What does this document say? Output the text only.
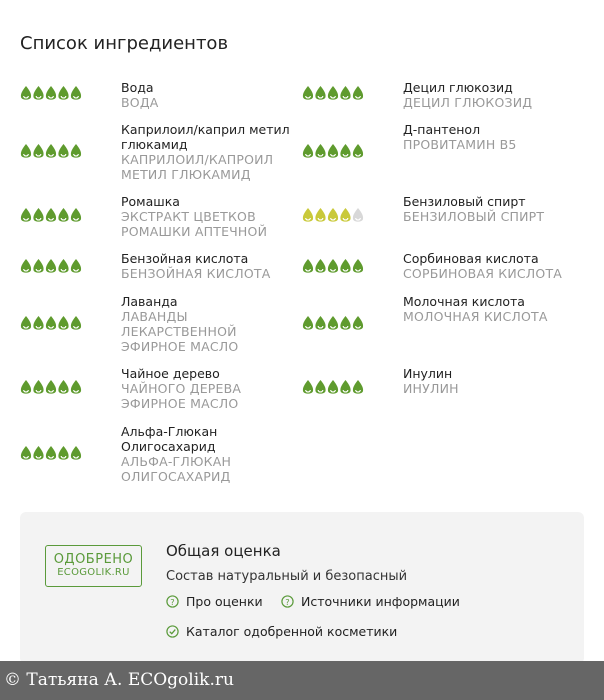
Список ингредиентов
Вода
ВОДА
Каприлоил/каприл метил глюкамид
КАПРИЛОИЛ/КАПРОИЛ МЕТИЛ ГЛЮКАМИД
Ромашка
ЭКСТРАКТ ЦВЕТКОВ РОМАШКИ АПТЕЧНОЙ
Бензойная кислота
БЕНЗОЙНАЯ КИСЛОТА
Лаванда
ЛАВАНДЫ ЛЕКАРСТВЕННОЙ ЭФИРНОЕ МАСЛО
Чайное дерево
ЧАЙНОГО ДЕРЕВА ЭФИРНОЕ МАСЛО
Альфа-Глюкан Олигосахарид
АЛЬФА-ГЛЮКАН ОЛИГОСАХАРИД
Децил глюкозид
ДЕЦИЛ ГЛЮКОЗИД
Д-пантенол
ПРОВИТАМИН B5
Бензиловый спирт
БЕНЗИЛОВЫЙ СПИРТ
Сорбиновая кислота
СОРБИНОВАЯ КИСЛОТА
Молочная кислота
МОЛОЧНАЯ КИСЛОТА
Инулин
ИНУЛИН
ОДОБРЕНО
ECOGOLIK.RU
Общая оценка
Состав натуральный и безопасный
? Про оценки	? Источники информации
Каталог одобренной косметики
© Татьяна А. ECOgolik.ru
